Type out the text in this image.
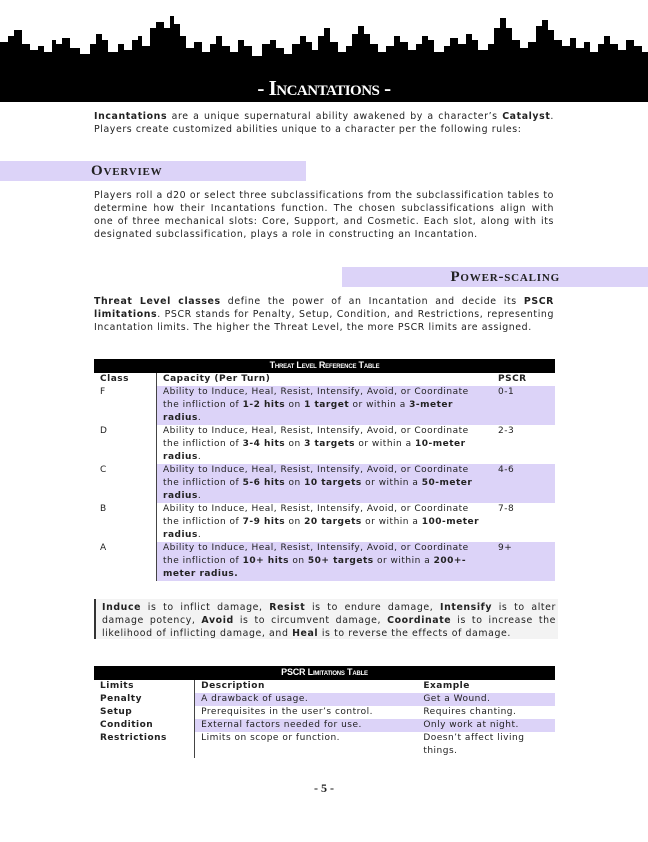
- Incantations -
Incantations are a unique supernatural ability awakened by a character’s Catalyst. Players create customized abilities unique to a character per the following rules:
Overview
Players roll a d20 or select three subclassifications from the subclassification tables to determine how their Incantations function. The chosen subclassifications align with one of three mechanical slots: Core, Support, and Cosmetic. Each slot, along with its designated subclassification, plays a role in constructing an Incantation.
Power-scaling
Threat Level classes define the power of an Incantation and decide its PSCR limitations. PSCR stands for Penalty, Setup, Condition, and Restrictions, representing Incantation limits. The higher the Threat Level, the more PSCR limits are assigned.
Threat Level Reference Table		
Class	Capacity (Per Turn)	PSCR
F	Ability to Induce, Heal, Resist, Intensify, Avoid, or Coordinate the infliction of 1-2 hits on 1 target or within a 3-meter radius.	0-1
D	Ability to Induce, Heal, Resist, Intensify, Avoid, or Coordinate the infliction of 3-4 hits on 3 targets or within a 10-meter radius.	2-3
C	Ability to Induce, Heal, Resist, Intensify, Avoid, or Coordinate the infliction of 5-6 hits on 10 targets or within a 50-meter radius.	4-6
B	Ability to Induce, Heal, Resist, Intensify, Avoid, or Coordinate the infliction of 7-9 hits on 20 targets or within a 100-meter radius.	7-8
A	Ability to Induce, Heal, Resist, Intensify, Avoid, or Coordinate the infliction of 10+ hits on 50+ targets or within a 200+-meter radius.	9+
Induce is to inflict damage, Resist is to endure damage, Intensify is to alter damage potency, Avoid is to circumvent damage, Coordinate is to increase the likelihood of inflicting damage, and Heal is to reverse the effects of damage.
PSCR Limitations Table		
Limits	Description	Example
Penalty	A drawback of usage.	Get a Wound.
Setup	Prerequisites in the user’s control.	Requires chanting.
Condition	External factors needed for use.	Only work at night.
Restrictions	Limits on scope or function.	Doesn’t affect living things.
- 5 -
